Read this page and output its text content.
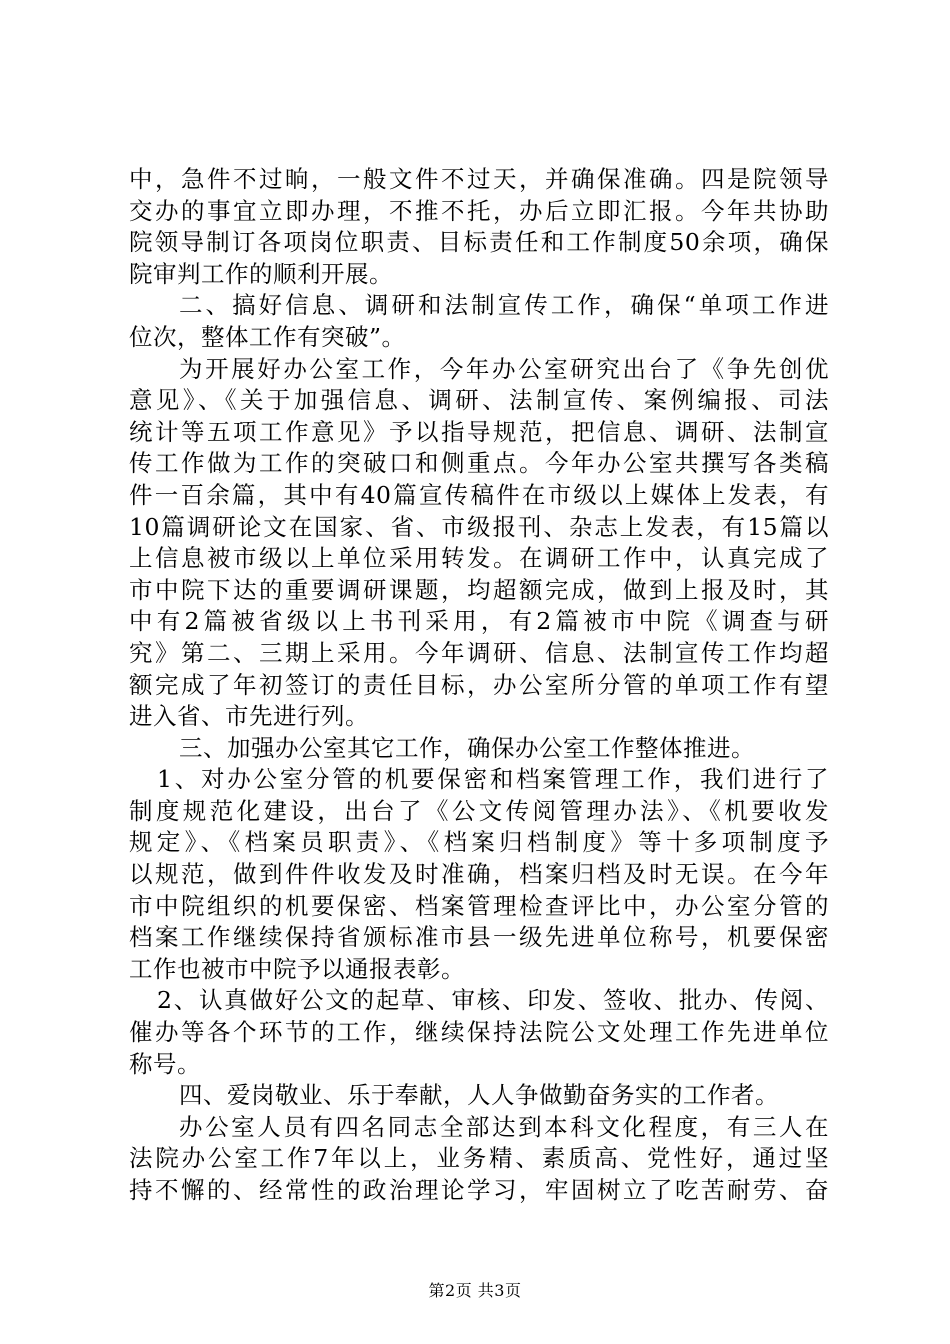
中，急件不过晌，一般文件不过天，并确保准确。四是院领导
交办的事宜立即办理，不推不托，办后立即汇报。今年共协助
院领导制订各项岗位职责、目标责任和工作制度50余项，确保
院审判工作的顺利开展。
二、搞好信息、调研和法制宣传工作，确保“单项工作进
位次，整体工作有突破”。
为开展好办公室工作，今年办公室研究出台了《争先创优
意见》、《关于加强信息、调研、法制宣传、案例编报、司法
统计等五项工作意见》予以指导规范，把信息、调研、法制宣
传工作做为工作的突破口和侧重点。今年办公室共撰写各类稿
件一百余篇，其中有40篇宣传稿件在市级以上媒体上发表，有
10篇调研论文在国家、省、市级报刊、杂志上发表，有15篇以
上信息被市级以上单位采用转发。在调研工作中，认真完成了
市中院下达的重要调研课题，均超额完成，做到上报及时，其
中有2篇被省级以上书刊采用，有2篇被市中院《调查与研
究》第二、三期上采用。今年调研、信息、法制宣传工作均超
额完成了年初签订的责任目标，办公室所分管的单项工作有望
进入省、市先进行列。
三、加强办公室其它工作，确保办公室工作整体推进。
1、对办公室分管的机要保密和档案管理工作，我们进行了
制度规范化建设，出台了《公文传阅管理办法》、《机要收发
规定》、《档案员职责》、《档案归档制度》等十多项制度予
以规范，做到件件收发及时准确，档案归档及时无误。在今年
市中院组织的机要保密、档案管理检查评比中，办公室分管的
档案工作继续保持省颁标准市县一级先进单位称号，机要保密
工作也被市中院予以通报表彰。
2、认真做好公文的起草、审核、印发、签收、批办、传阅、
催办等各个环节的工作，继续保持法院公文处理工作先进单位
称号。
四、爱岗敬业、乐于奉献，人人争做勤奋务实的工作者。
办公室人员有四名同志全部达到本科文化程度，有三人在
法院办公室工作7年以上，业务精、素质高、党性好，通过坚
持不懈的、经常性的政治理论学习，牢固树立了吃苦耐劳、奋
第2页 共3页
